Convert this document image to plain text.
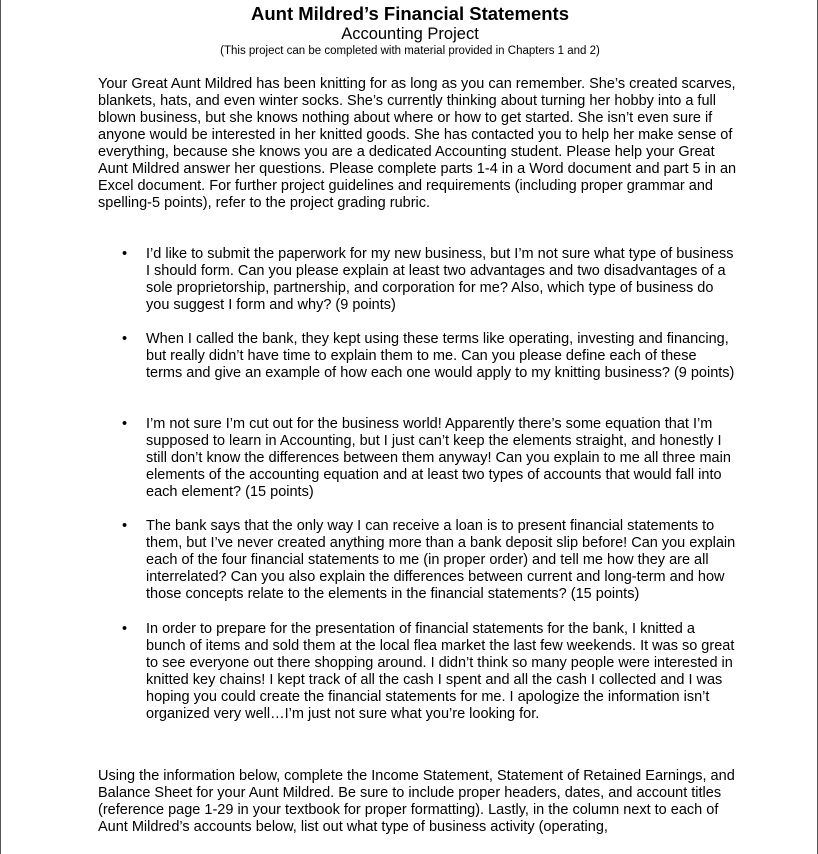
Aunt Mildred’s Financial Statements
Accounting Project
(This project can be completed with material provided in Chapters 1 and 2)

Your Great Aunt Mildred has been knitting for as long as you can remember. She’s created scarves, blankets, hats, and even winter socks. She’s currently thinking about turning her hobby into a full blown business, but she knows nothing about where or how to get started. She isn’t even sure if anyone would be interested in her knitted goods. She has contacted you to help her make sense of everything, because she knows you are a dedicated Accounting student. Please help your Great Aunt Mildred answer her questions. Please complete parts 1-4 in a Word document and part 5 in an Excel document. For further project guidelines and requirements (including proper grammar and spelling-5 points), refer to the project grading rubric.

• I’d like to submit the paperwork for my new business, but I’m not sure what type of business I should form. Can you please explain at least two advantages and two disadvantages of a sole proprietorship, partnership, and corporation for me? Also, which type of business do you suggest I form and why? (9 points)
• When I called the bank, they kept using these terms like operating, investing and financing, but really didn’t have time to explain them to me. Can you please define each of these terms and give an example of how each one would apply to my knitting business? (9 points)
• I’m not sure I’m cut out for the business world! Apparently there’s some equation that I’m supposed to learn in Accounting, but I just can’t keep the elements straight, and honestly I still don’t know the differences between them anyway! Can you explain to me all three main elements of the accounting equation and at least two types of accounts that would fall into each element? (15 points)
• The bank says that the only way I can receive a loan is to present financial statements to them, but I’ve never created anything more than a bank deposit slip before! Can you explain each of the four financial statements to me (in proper order) and tell me how they are all interrelated? Can you also explain the differences between current and long-term and how those concepts relate to the elements in the financial statements? (15 points)
• In order to prepare for the presentation of financial statements for the bank, I knitted a bunch of items and sold them at the local flea market the last few weekends. It was so great to see everyone out there shopping around. I didn’t think so many people were interested in knitted key chains! I kept track of all the cash I spent and all the cash I collected and I was hoping you could create the financial statements for me. I apologize the information isn’t organized very well…I’m just not sure what you’re looking for.

Using the information below, complete the Income Statement, Statement of Retained Earnings, and Balance Sheet for your Aunt Mildred. Be sure to include proper headers, dates, and account titles (reference page 1-29 in your textbook for proper formatting). Lastly, in the column next to each of Aunt Mildred’s accounts below, list out what type of business activity (operating,
